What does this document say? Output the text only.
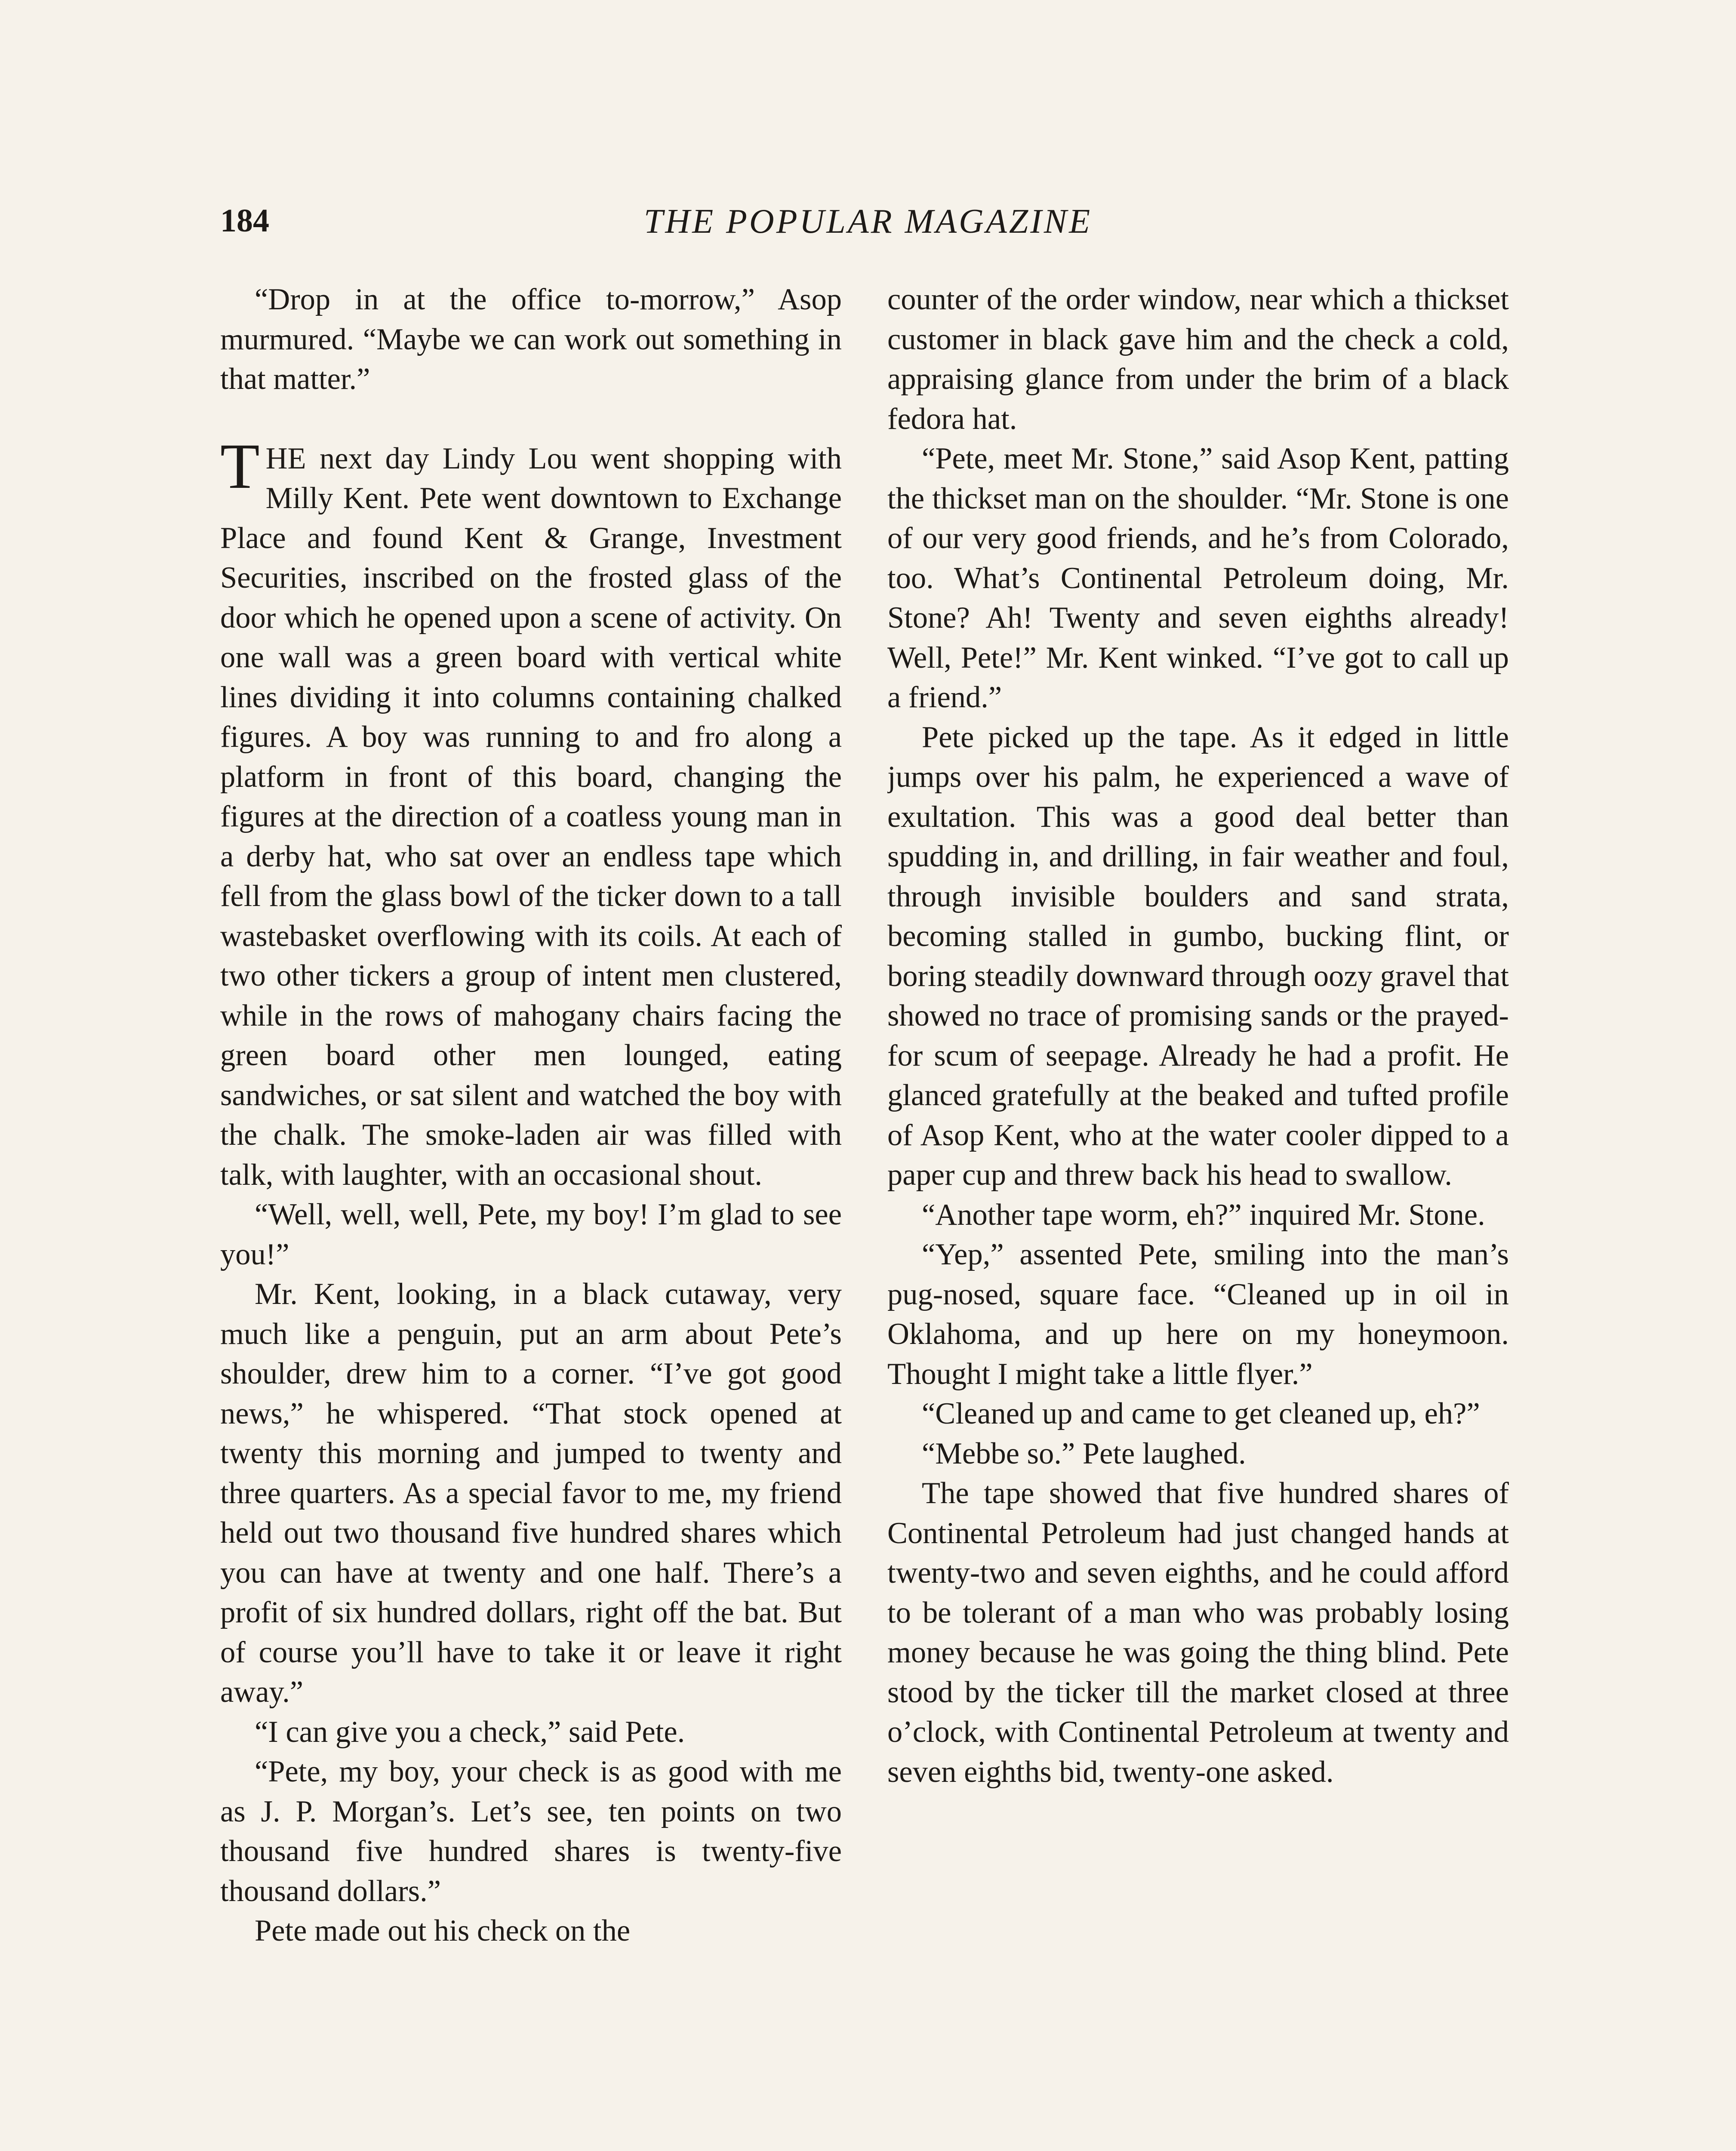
184	THE POPULAR MAGAZINE

“Drop in at the office to-morrow,” Asop murmured. “Maybe we can work out something in that matter.”

THE next day Lindy Lou went shopping with Milly Kent. Pete went downtown to Exchange Place and found Kent & Grange, Investment Securities, inscribed on the frosted glass of the door which he opened upon a scene of activity. On one wall was a green board with vertical white lines dividing it into columns containing chalked figures. A boy was running to and fro along a platform in front of this board, changing the figures at the direction of a coatless young man in a derby hat, who sat over an endless tape which fell from the glass bowl of the ticker down to a tall wastebasket overflowing with its coils. At each of two other tickers a group of intent men clustered, while in the rows of mahogany chairs facing the green board other men lounged, eating sandwiches, or sat silent and watched the boy with the chalk. The smoke-laden air was filled with talk, with laughter, with an occasional shout.

“Well, well, well, Pete, my boy! I’m glad to see you!”

Mr. Kent, looking, in a black cutaway, very much like a penguin, put an arm about Pete’s shoulder, drew him to a corner. “I’ve got good news,” he whispered. “That stock opened at twenty this morning and jumped to twenty and three quarters. As a special favor to me, my friend held out two thousand five hundred shares which you can have at twenty and one half. There’s a profit of six hundred dollars, right off the bat. But of course you’ll have to take it or leave it right away.”

“I can give you a check,” said Pete.

“Pete, my boy, your check is as good with me as J. P. Morgan’s. Let’s see, ten points on two thousand five hundred shares is twenty-five thousand dollars.”

Pete made out his check on the

counter of the order window, near which a thickset customer in black gave him and the check a cold, appraising glance from under the brim of a black fedora hat.

“Pete, meet Mr. Stone,” said Asop Kent, patting the thickset man on the shoulder. “Mr. Stone is one of our very good friends, and he’s from Colorado, too. What’s Continental Petroleum doing, Mr. Stone? Ah! Twenty and seven eighths already! Well, Pete!” Mr. Kent winked. “I’ve got to call up a friend.”

Pete picked up the tape. As it edged in little jumps over his palm, he experienced a wave of exultation. This was a good deal better than spudding in, and drilling, in fair weather and foul, through invisible boulders and sand strata, becoming stalled in gumbo, bucking flint, or boring steadily downward through oozy gravel that showed no trace of promising sands or the prayed-for scum of seepage. Already he had a profit. He glanced gratefully at the beaked and tufted profile of Asop Kent, who at the water cooler dipped to a paper cup and threw back his head to swallow.

“Another tape worm, eh?” inquired Mr. Stone.

“Yep,” assented Pete, smiling into the man’s pug-nosed, square face. “Cleaned up in oil in Oklahoma, and up here on my honeymoon. Thought I might take a little flyer.”

“Cleaned up and came to get cleaned up, eh?”

“Mebbe so.” Pete laughed.

The tape showed that five hundred shares of Continental Petroleum had just changed hands at twenty-two and seven eighths, and he could afford to be tolerant of a man who was probably losing money because he was going the thing blind. Pete stood by the ticker till the market closed at three o’clock, with Continental Petroleum at twenty and seven eighths bid, twenty-one asked.
